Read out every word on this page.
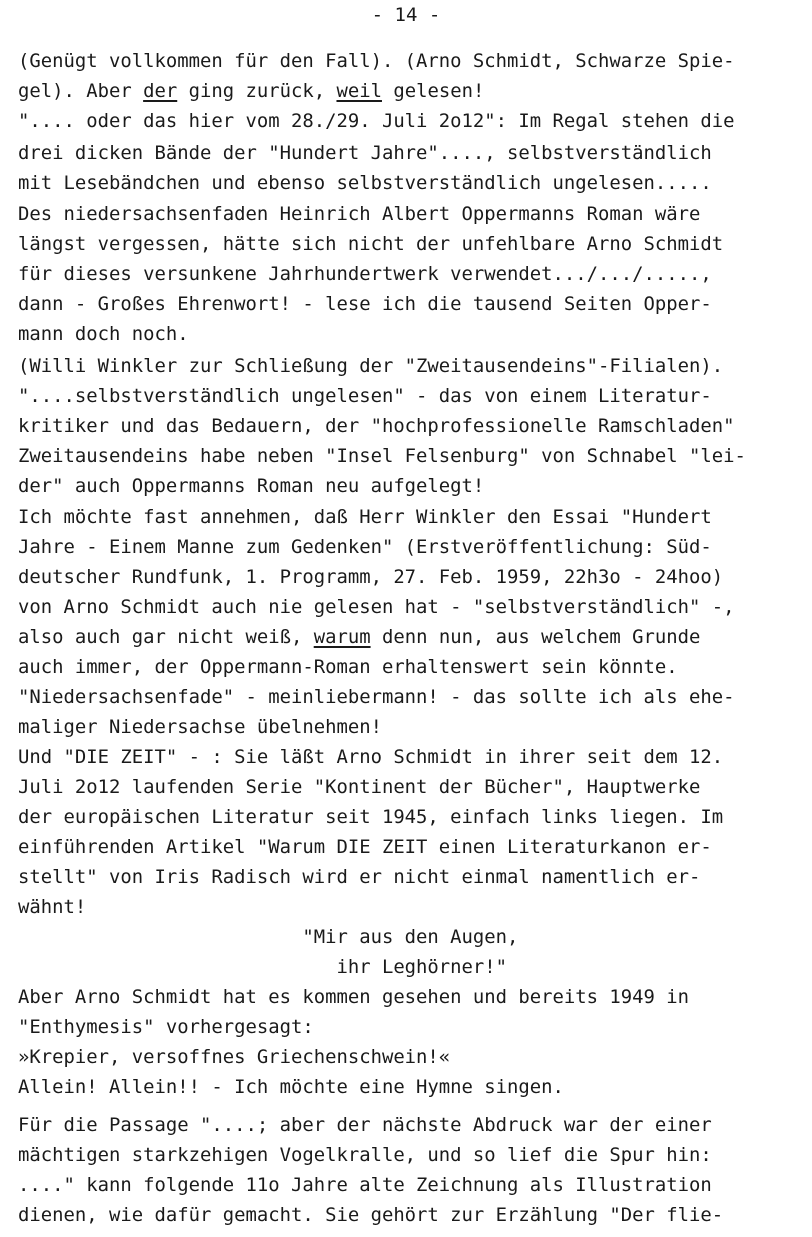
- 14 -
(Genügt vollkommen für den Fall). (Arno Schmidt, Schwarze Spie-
gel). Aber der ging zurück, weil gelesen!
".... oder das hier vom 28./29. Juli 2o12": Im Regal stehen die
drei dicken Bände der "Hundert Jahre"...., selbstverständlich
mit Lesebändchen und ebenso selbstverständlich ungelesen.....
Des niedersachsenfaden Heinrich Albert Oppermanns Roman wäre
längst vergessen, hätte sich nicht der unfehlbare Arno Schmidt
für dieses versunkene Jahrhundertwerk verwendet.../.../.....,
dann - Großes Ehrenwort! - lese ich die tausend Seiten Opper-
mann doch noch.
(Willi Winkler zur Schließung der "Zweitausendeins"-Filialen).
"....selbstverständlich ungelesen" - das von einem Literatur-
kritiker und das Bedauern, der "hochprofessionelle Ramschladen"
Zweitausendeins habe neben "Insel Felsenburg" von Schnabel "lei-
der" auch Oppermanns Roman neu aufgelegt!
Ich möchte fast annehmen, daß Herr Winkler den Essai "Hundert
Jahre - Einem Manne zum Gedenken" (Erstveröffentlichung: Süd-
deutscher Rundfunk, 1. Programm, 27. Feb. 1959, 22h3o - 24hoo)
von Arno Schmidt auch nie gelesen hat - "selbstverständlich" -,
also auch gar nicht weiß, warum denn nun, aus welchem Grunde
auch immer, der Oppermann-Roman erhaltenswert sein könnte.
"Niedersachsenfade" - meinliebermann! - das sollte ich als ehe-
maliger Niedersachse übelnehmen!
Und "DIE ZEIT" - : Sie läßt Arno Schmidt in ihrer seit dem 12.
Juli 2o12 laufenden Serie "Kontinent der Bücher", Hauptwerke
der europäischen Literatur seit 1945, einfach links liegen. Im
einführenden Artikel "Warum DIE ZEIT einen Literaturkanon er-
stellt" von Iris Radisch wird er nicht einmal namentlich er-
wähnt!
"Mir aus den Augen,
ihr Leghörner!"
Aber Arno Schmidt hat es kommen gesehen und bereits 1949 in
"Enthymesis" vorhergesagt:
»Krepier, versoffnes Griechenschwein!«
Allein! Allein!! - Ich möchte eine Hymne singen.
Für die Passage "....; aber der nächste Abdruck war der einer
mächtigen starkzehigen Vogelkralle, und so lief die Spur hin:
...." kann folgende 11o Jahre alte Zeichnung als Illustration
dienen, wie dafür gemacht. Sie gehört zur Erzählung "Der flie-
